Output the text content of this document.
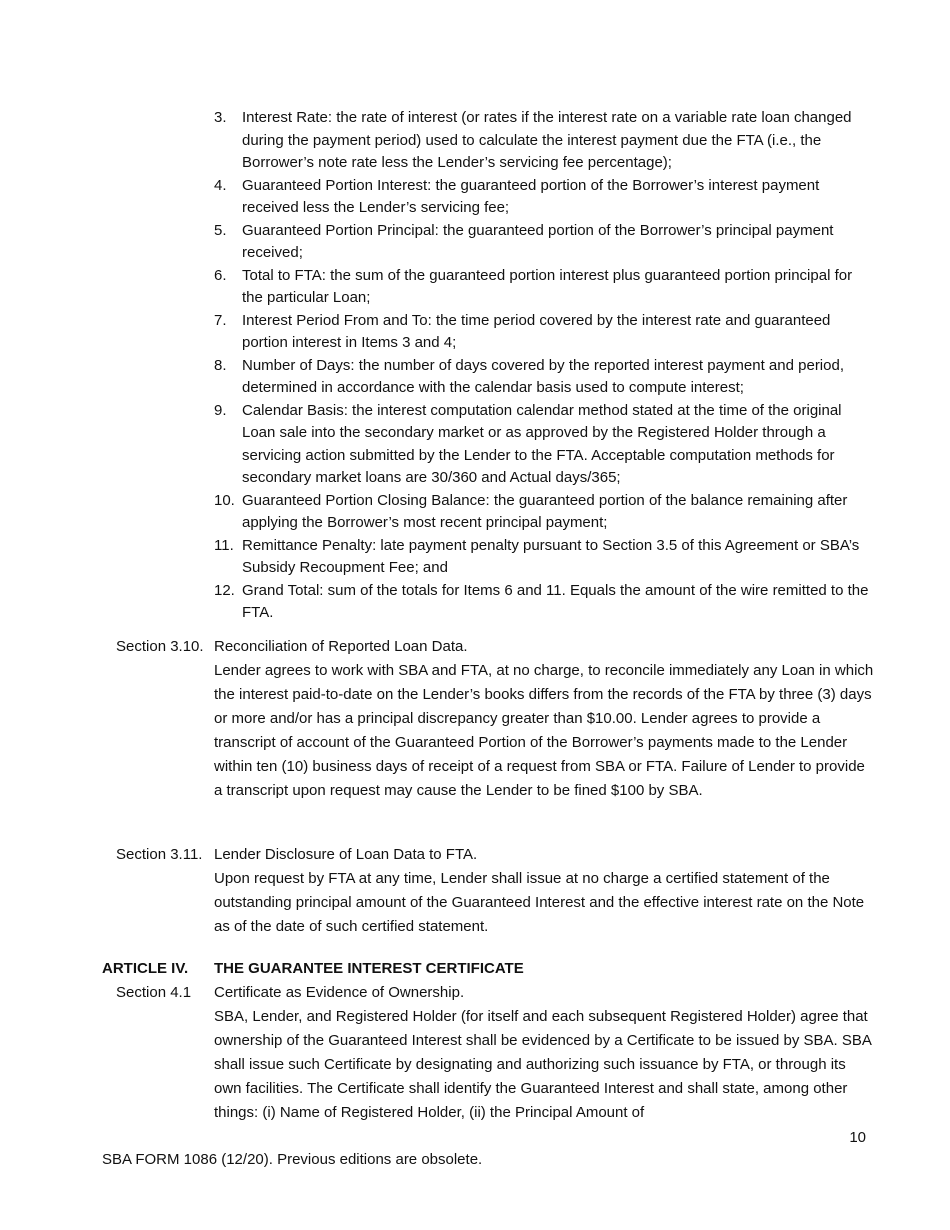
3.	Interest Rate: the rate of interest (or rates if the interest rate on a variable rate loan changed during the payment period) used to calculate the interest payment due the FTA (i.e., the Borrower’s note rate less the Lender’s servicing fee percentage);
4.	Guaranteed Portion Interest: the guaranteed portion of the Borrower’s interest payment received less the Lender’s servicing fee;
5.	Guaranteed Portion Principal: the guaranteed portion of the Borrower’s principal payment received;
6.	Total to FTA: the sum of the guaranteed portion interest plus guaranteed portion principal for the particular Loan;
7.	Interest Period From and To: the time period covered by the interest rate and guaranteed portion interest in Items 3 and 4;
8.	Number of Days: the number of days covered by the reported interest payment and period, determined in accordance with the calendar basis used to compute interest;
9.	Calendar Basis: the interest computation calendar method stated at the time of the original Loan sale into the secondary market or as approved by the Registered Holder through a servicing action submitted by the Lender to the FTA. Acceptable computation methods for secondary market loans are 30/360 and Actual days/365;
10. Guaranteed Portion Closing Balance: the guaranteed portion of the balance remaining after applying the Borrower’s most recent principal payment;
11. Remittance Penalty: late payment penalty pursuant to Section 3.5 of this Agreement or SBA’s Subsidy Recoupment Fee; and
12. Grand Total: sum of the totals for Items 6 and 11. Equals the amount of the wire remitted to the FTA.
Section 3.10. Reconciliation of Reported Loan Data.
Lender agrees to work with SBA and FTA, at no charge, to reconcile immediately any Loan in which the interest paid-to-date on the Lender’s books differs from the records of the FTA by three (3) days or more and/or has a principal discrepancy greater than $10.00. Lender agrees to provide a transcript of account of the Guaranteed Portion of the Borrower’s payments made to the Lender within ten (10) business days of receipt of a request from SBA or FTA. Failure of Lender to provide a transcript upon request may cause the Lender to be fined $100 by SBA.
Section 3.11. Lender Disclosure of Loan Data to FTA.
Upon request by FTA at any time, Lender shall issue at no charge a certified statement of the outstanding principal amount of the Guaranteed Interest and the effective interest rate on the Note as of the date of such certified statement.
ARTICLE IV.	THE GUARANTEE INTEREST CERTIFICATE
Section 4.1	Certificate as Evidence of Ownership.
SBA, Lender, and Registered Holder (for itself and each subsequent Registered Holder) agree that ownership of the Guaranteed Interest shall be evidenced by a Certificate to be issued by SBA. SBA shall issue such Certificate by designating and authorizing such issuance by FTA, or through its own facilities. The Certificate shall identify the Guaranteed Interest and shall state, among other things: (i) Name of Registered Holder, (ii) the Principal Amount of
10
SBA FORM 1086 (12/20). Previous editions are obsolete.
